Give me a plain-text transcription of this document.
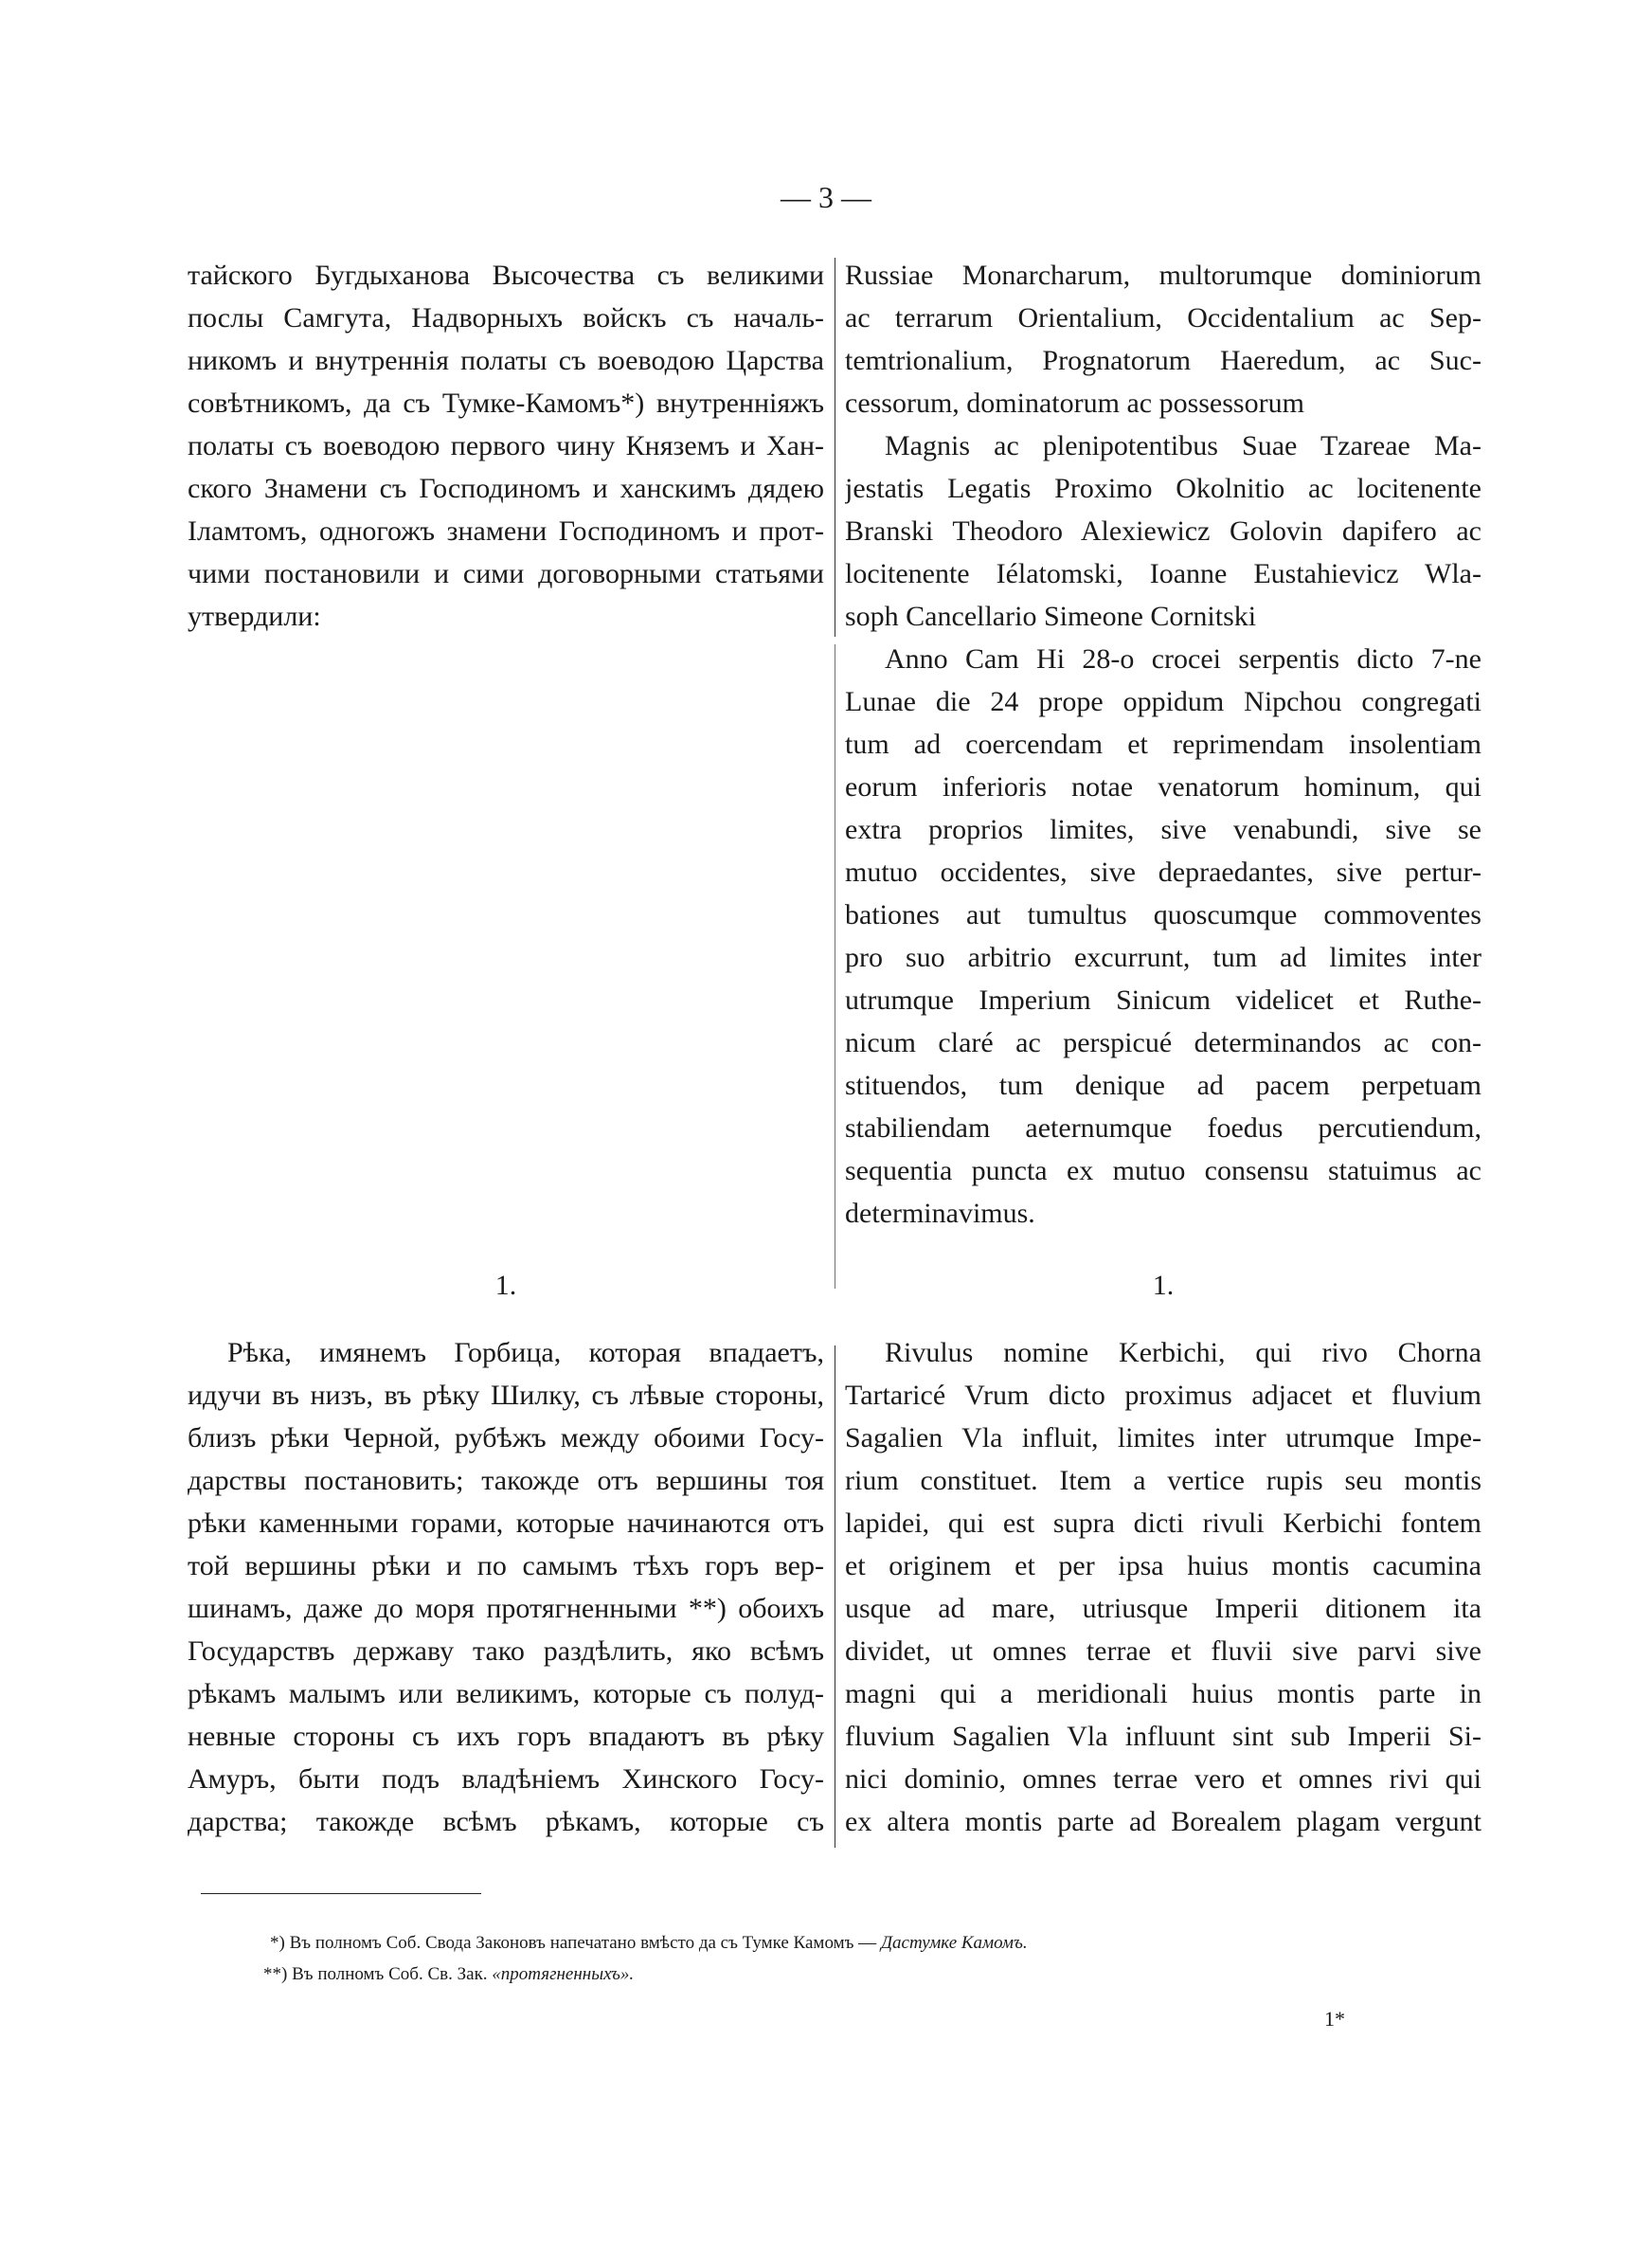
— 3 —
тайского Бугдыханова Высочества съ великими
послы Самгута, Надворныхъ войскъ съ началь-
никомъ и внутреннія полаты съ воеводою Царства
совѣтникомъ, да съ Тумке-Камомъ*) внутренніяжъ
полаты съ воеводою первого чину Княземъ и Хан-
ского Знамени съ Господиномъ и ханскимъ дядею
Іламтомъ, одногожъ знамени Господиномъ и прот-
чими постановили и сими договорными статьями
утвердили:
Russiae Monarcharum, multorumque dominiorum
ac terrarum Orientalium, Occidentalium ac Sep-
temtrionalium, Prognatorum Haeredum, ac Suc-
cessorum, dominatorum ac possessorum
Magnis ac plenipotentibus Suae Tzareae Ma-
jestatis Legatis Proximo Okolnitio ac locitenente
Branski Theodoro Alexiewicz Golovin dapifero ac
locitenente Iélatomski, Ioanne Eustahievicz Wla-
soph Cancellario Simeone Cornitski
Anno Cam Hi 28-o crocei serpentis dicto 7-ne
Lunae die 24 prope oppidum Nipchou congregati
tum ad coercendam et reprimendam insolentiam
eorum inferioris notae venatorum hominum, qui
extra proprios limites, sive venabundi, sive se
mutuo occidentes, sive depraedantes, sive pertur-
bationes aut tumultus quoscumque commoventes
pro suo arbitrio excurrunt, tum ad limites inter
utrumque Imperium Sinicum videlicet et Ruthe-
nicum claré ac perspicué determinandos ac con-
stituendos, tum denique ad pacem perpetuam
stabiliendam aeternumque foedus percutiendum,
sequentia puncta ex mutuo consensu statuimus ac
determinavimus.
1.	1.
Рѣка, имянемъ Горбица, которая впадаетъ,
идучи въ низъ, въ рѣку Шилку, съ лѣвые стороны,
близъ рѣки Черной, рубѣжъ между обоими Госу-
дарствы постановить; такожде отъ вершины тоя
рѣки каменными горами, которые начинаются отъ
той вершины рѣки и по самымъ тѣхъ горъ вер-
шинамъ, даже до моря протягненными **) обоихъ
Государствъ державу тако раздѣлить, яко всѣмъ
рѣкамъ малымъ или великимъ, которые съ полуд-
невные стороны съ ихъ горъ впадаютъ въ рѣку
Амуръ, быти подъ владѣніемъ Хинского Госу-
дарства; такожде всѣмъ рѣкамъ, которые съ
Rivulus nomine Kerbichi, qui rivo Chorna
Tartaricé Vrum dicto proximus adjacet et fluvium
Sagalien Vla influit, limites inter utrumque Impe-
rium constituet. Item a vertice rupis seu montis
lapidei, qui est supra dicti rivuli Kerbichi fontem
et originem et per ipsa huius montis cacumina
usque ad mare, utriusque Imperii ditionem ita
dividet, ut omnes terrae et fluvii sive parvi sive
magni qui a meridionali huius montis parte in
fluvium Sagalien Vla influunt sint sub Imperii Si-
nici dominio, omnes terrae vero et omnes rivi qui
ex altera montis parte ad Borealem plagam vergunt
*) Въ полномъ Соб. Свода Законовъ напечатано вмѣсто да съ Тумке Камомъ — Дастумке Камомъ.
**) Въ полномъ Соб. Св. Зак. «протягненныхъ».
1*
